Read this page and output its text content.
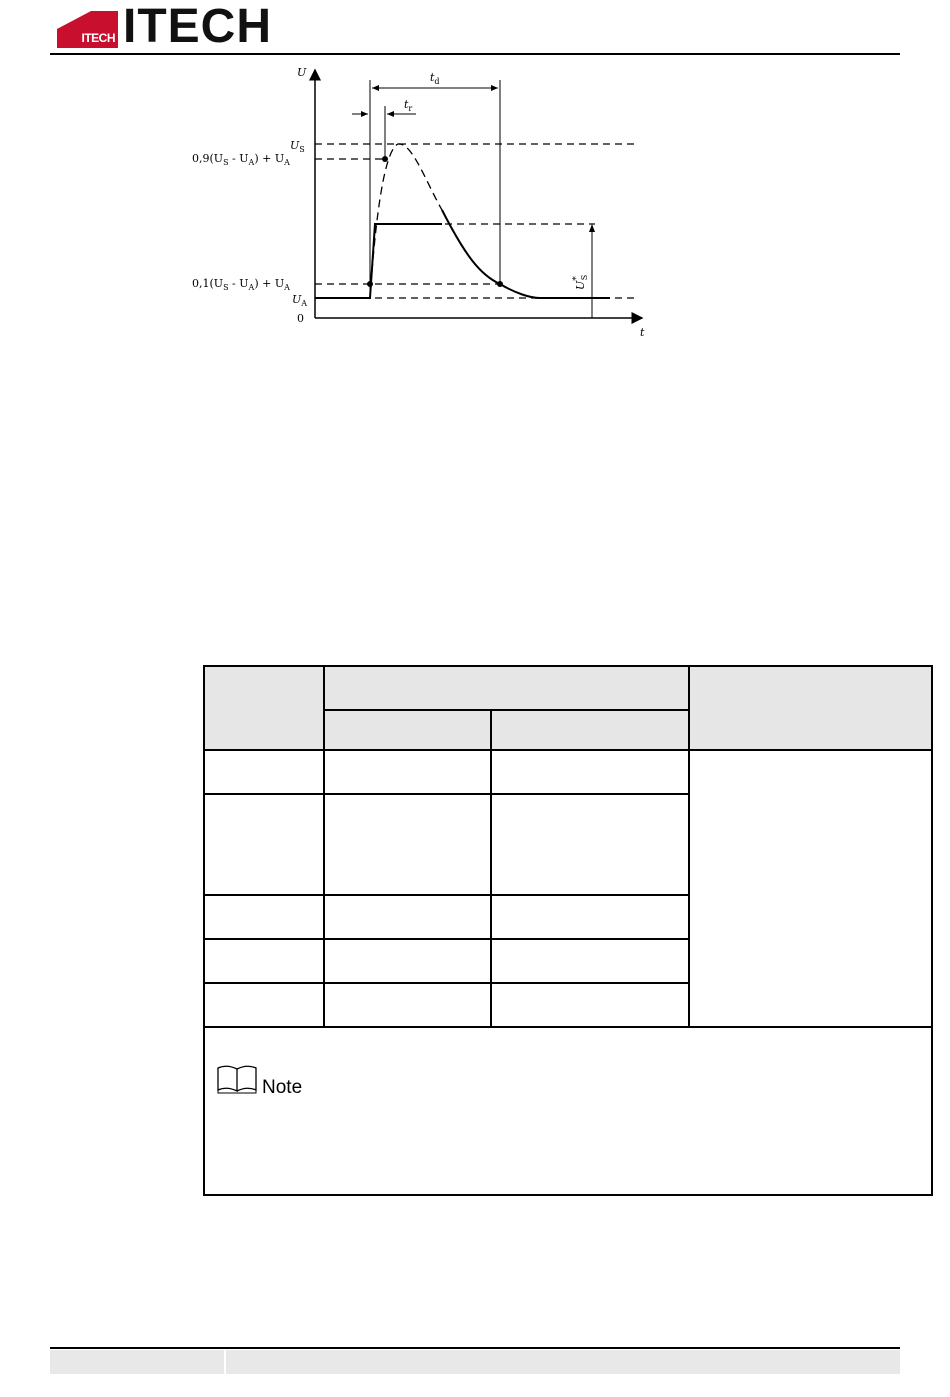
ITECH ITECH
U
t
$t_d$
$t_r$
$U_S$
$0,9(U_S - U_A) + U_A$
$0,1(U_S - U_A) + U_A$
$U_A$
0
U*S

Note			
